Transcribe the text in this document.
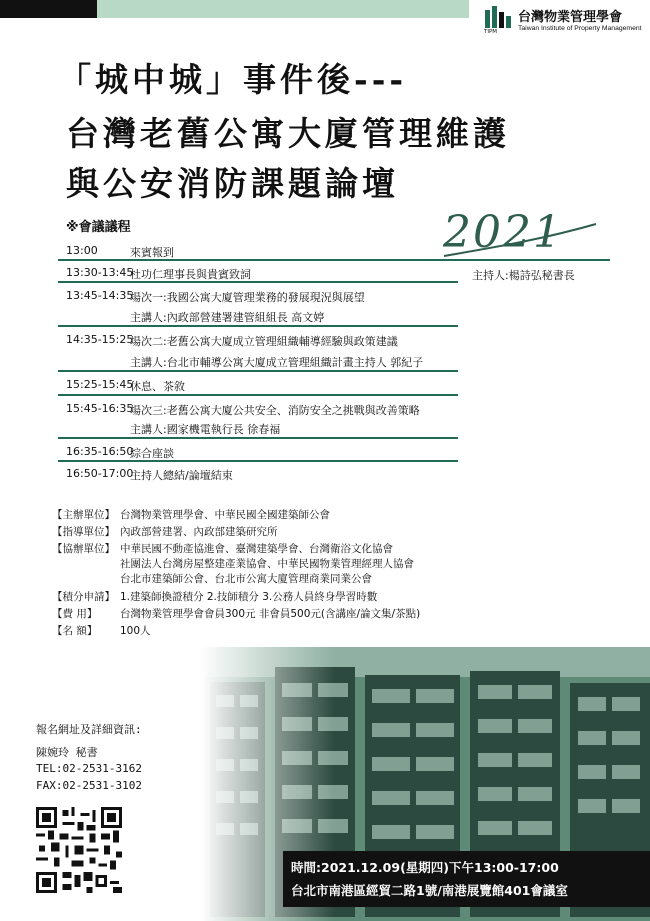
TIPM
台灣物業管理學會
Taiwan Institute of Property Management
「城中城」事件後---
台灣老舊公寓大廈管理維護
與公安消防課題論壇
※會議議程	2021
13:00	來賓報到
13:30-13:45
杜功仁理事長與貴賓致詞	主持人:楊詩弘秘書長
13:45-14:35
場次一:我國公寓大廈管理業務的發展現況與展望
主講人:內政部營建署建管組組長 高文婷
14:35-15:25
場次二:老舊公寓大廈成立管理組織輔導經驗與政策建議
主講人:台北市輔導公寓大廈成立管理組織計畫主持人 郭紀子
15:25-15:45
休息、茶敘
15:45-16:35
場次三:老舊公寓大廈公共安全、消防安全之挑戰與改善策略
主講人:國家機電執行長 徐春福
16:35-16:50
綜合座談
16:50-17:00
主持人總結/論壇結束
【主辦單位】 台灣物業管理學會、中華民國全國建築師公會
【指導單位】 內政部營建署、內政部建築研究所
【協辦單位】 中華民國不動產協進會、臺灣建築學會、台灣衛浴文化協會
社團法人台灣房屋整建產業協會、中華民國物業管理經理人協會
台北市建築師公會、台北市公寓大廈管理商業同業公會
【積分申請】 1.建築師換證積分 2.技師積分 3.公務人員終身學習時數
【費 用】 台灣物業管理學會會員300元 非會員500元(含講座/論文集/茶點)
【名 額】 100人
報名網址及詳細資訊:
陳婉玲 秘書
TEL:02-2531-3162
FAX:02-2531-3102
時間:2021.12.09(星期四)下午13:00-17:00
台北市南港區經貿二路1號/南港展覽館401會議室
